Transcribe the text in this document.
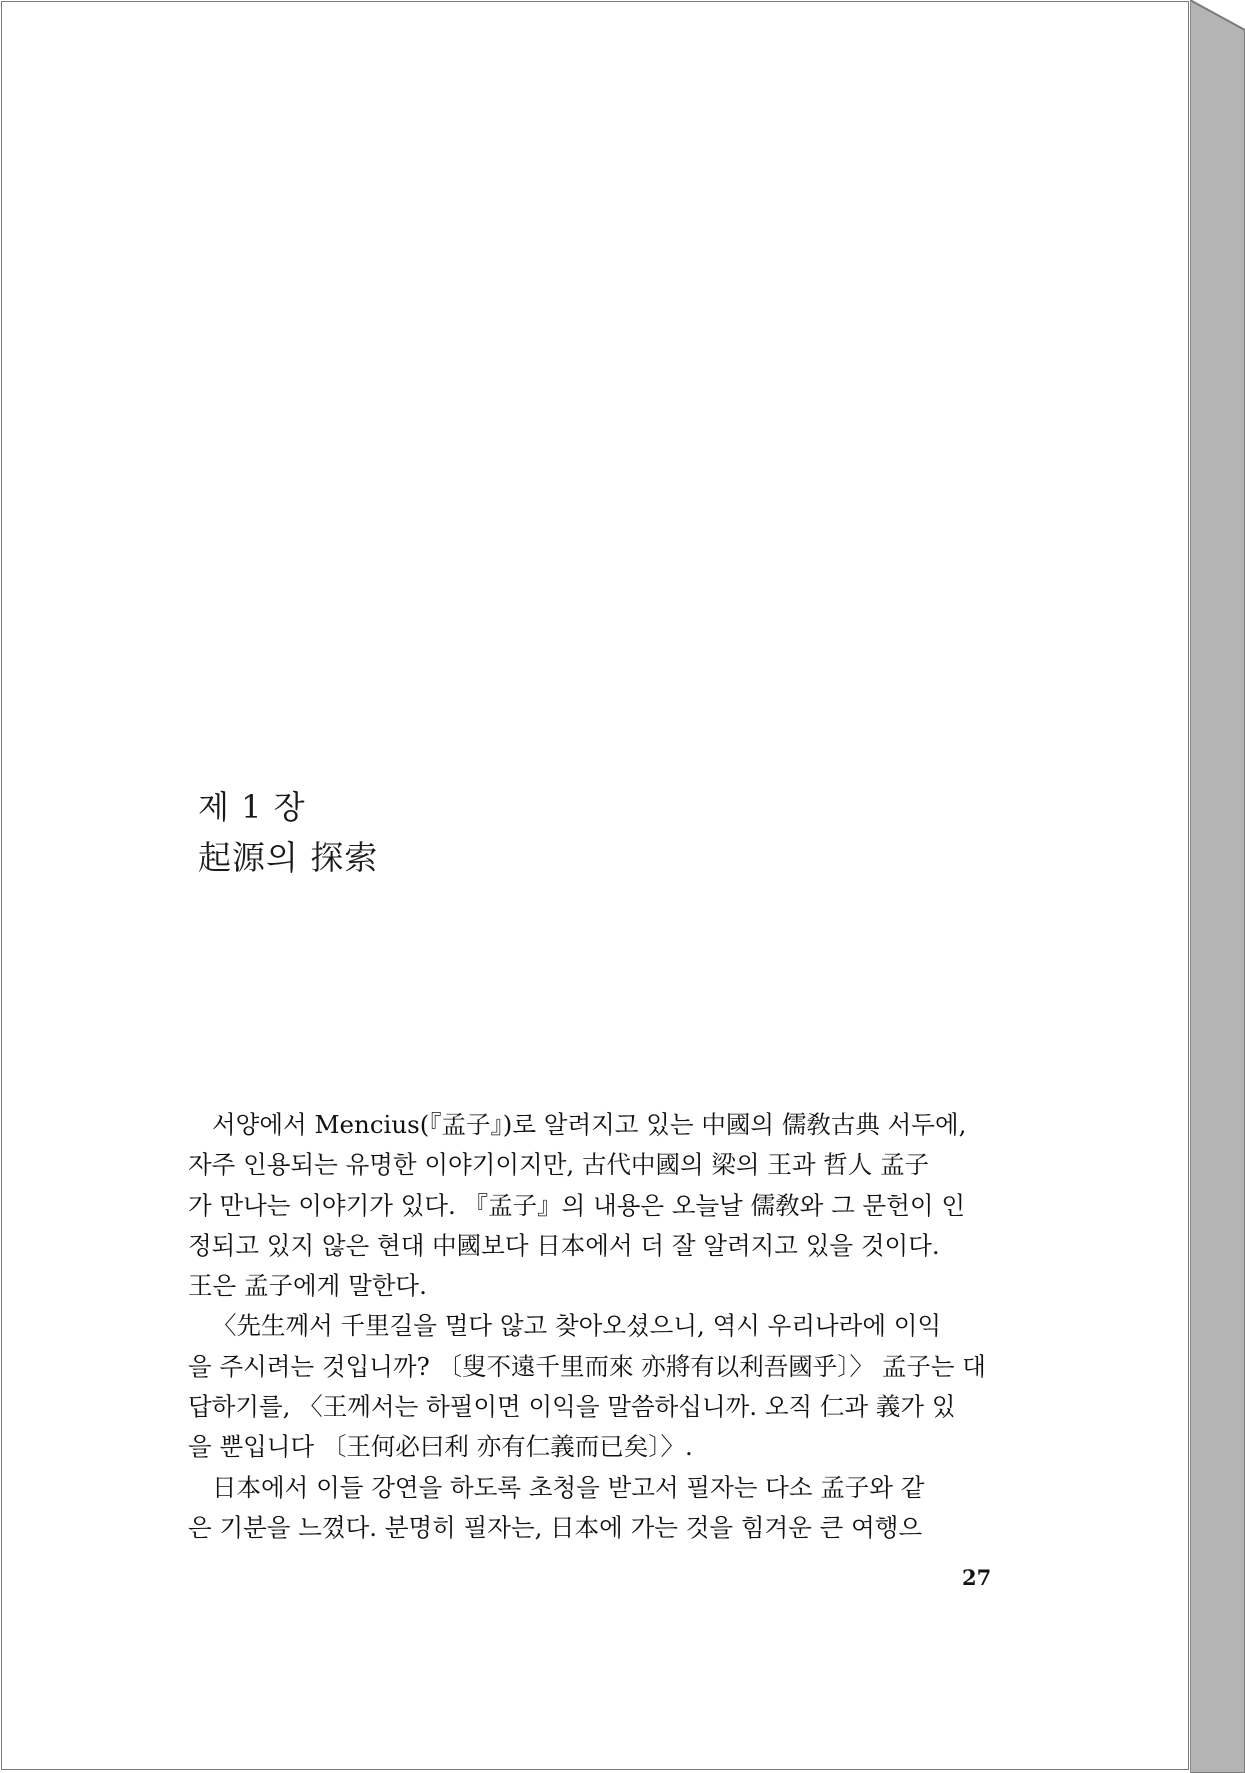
제 1 장
起源의 探索

서양에서 Mencius(『孟子』)로 알려지고 있는 中國의 儒敎古典 서두에,
자주 인용되는 유명한 이야기이지만, 古代中國의 梁의 王과 哲人 孟子
가 만나는 이야기가 있다. 『孟子』의 내용은 오늘날 儒敎와 그 문헌이 인
정되고 있지 않은 현대 中國보다 日本에서 더 잘 알려지고 있을 것이다.
王은 孟子에게 말한다.

〈先生께서 千里길을 멀다 않고 찾아오셨으니, 역시 우리나라에 이익
을 주시려는 것입니까? 〔叟不遠千里而來 亦將有以利吾國乎〕〉 孟子는 대
답하기를, 〈王께서는 하필이면 이익을 말씀하십니까. 오직 仁과 義가 있
을 뿐입니다 〔王何必曰利 亦有仁義而已矣〕〉.

日本에서 이들 강연을 하도록 초청을 받고서 필자는 다소 孟子와 같
은 기분을 느꼈다. 분명히 필자는, 日本에 가는 것을 힘겨운 큰 여행으

27
